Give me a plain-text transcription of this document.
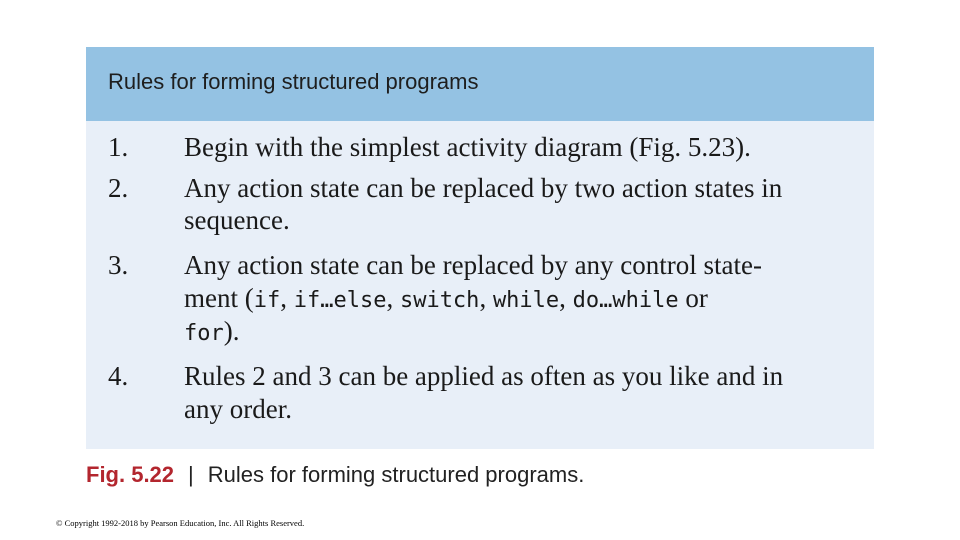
Rules for forming structured programs
1. Begin with the simplest activity diagram (Fig. 5.23).
2. Any action state can be replaced by two action states in
sequence.
3. Any action state can be replaced by any control state-
ment (if, if…else, switch, while, do…while or
for).
4. Rules 2 and 3 can be applied as often as you like and in
any order.
Fig. 5.22 | Rules for forming structured programs.
© Copyright 1992-2018 by Pearson Education, Inc. All Rights Reserved.
